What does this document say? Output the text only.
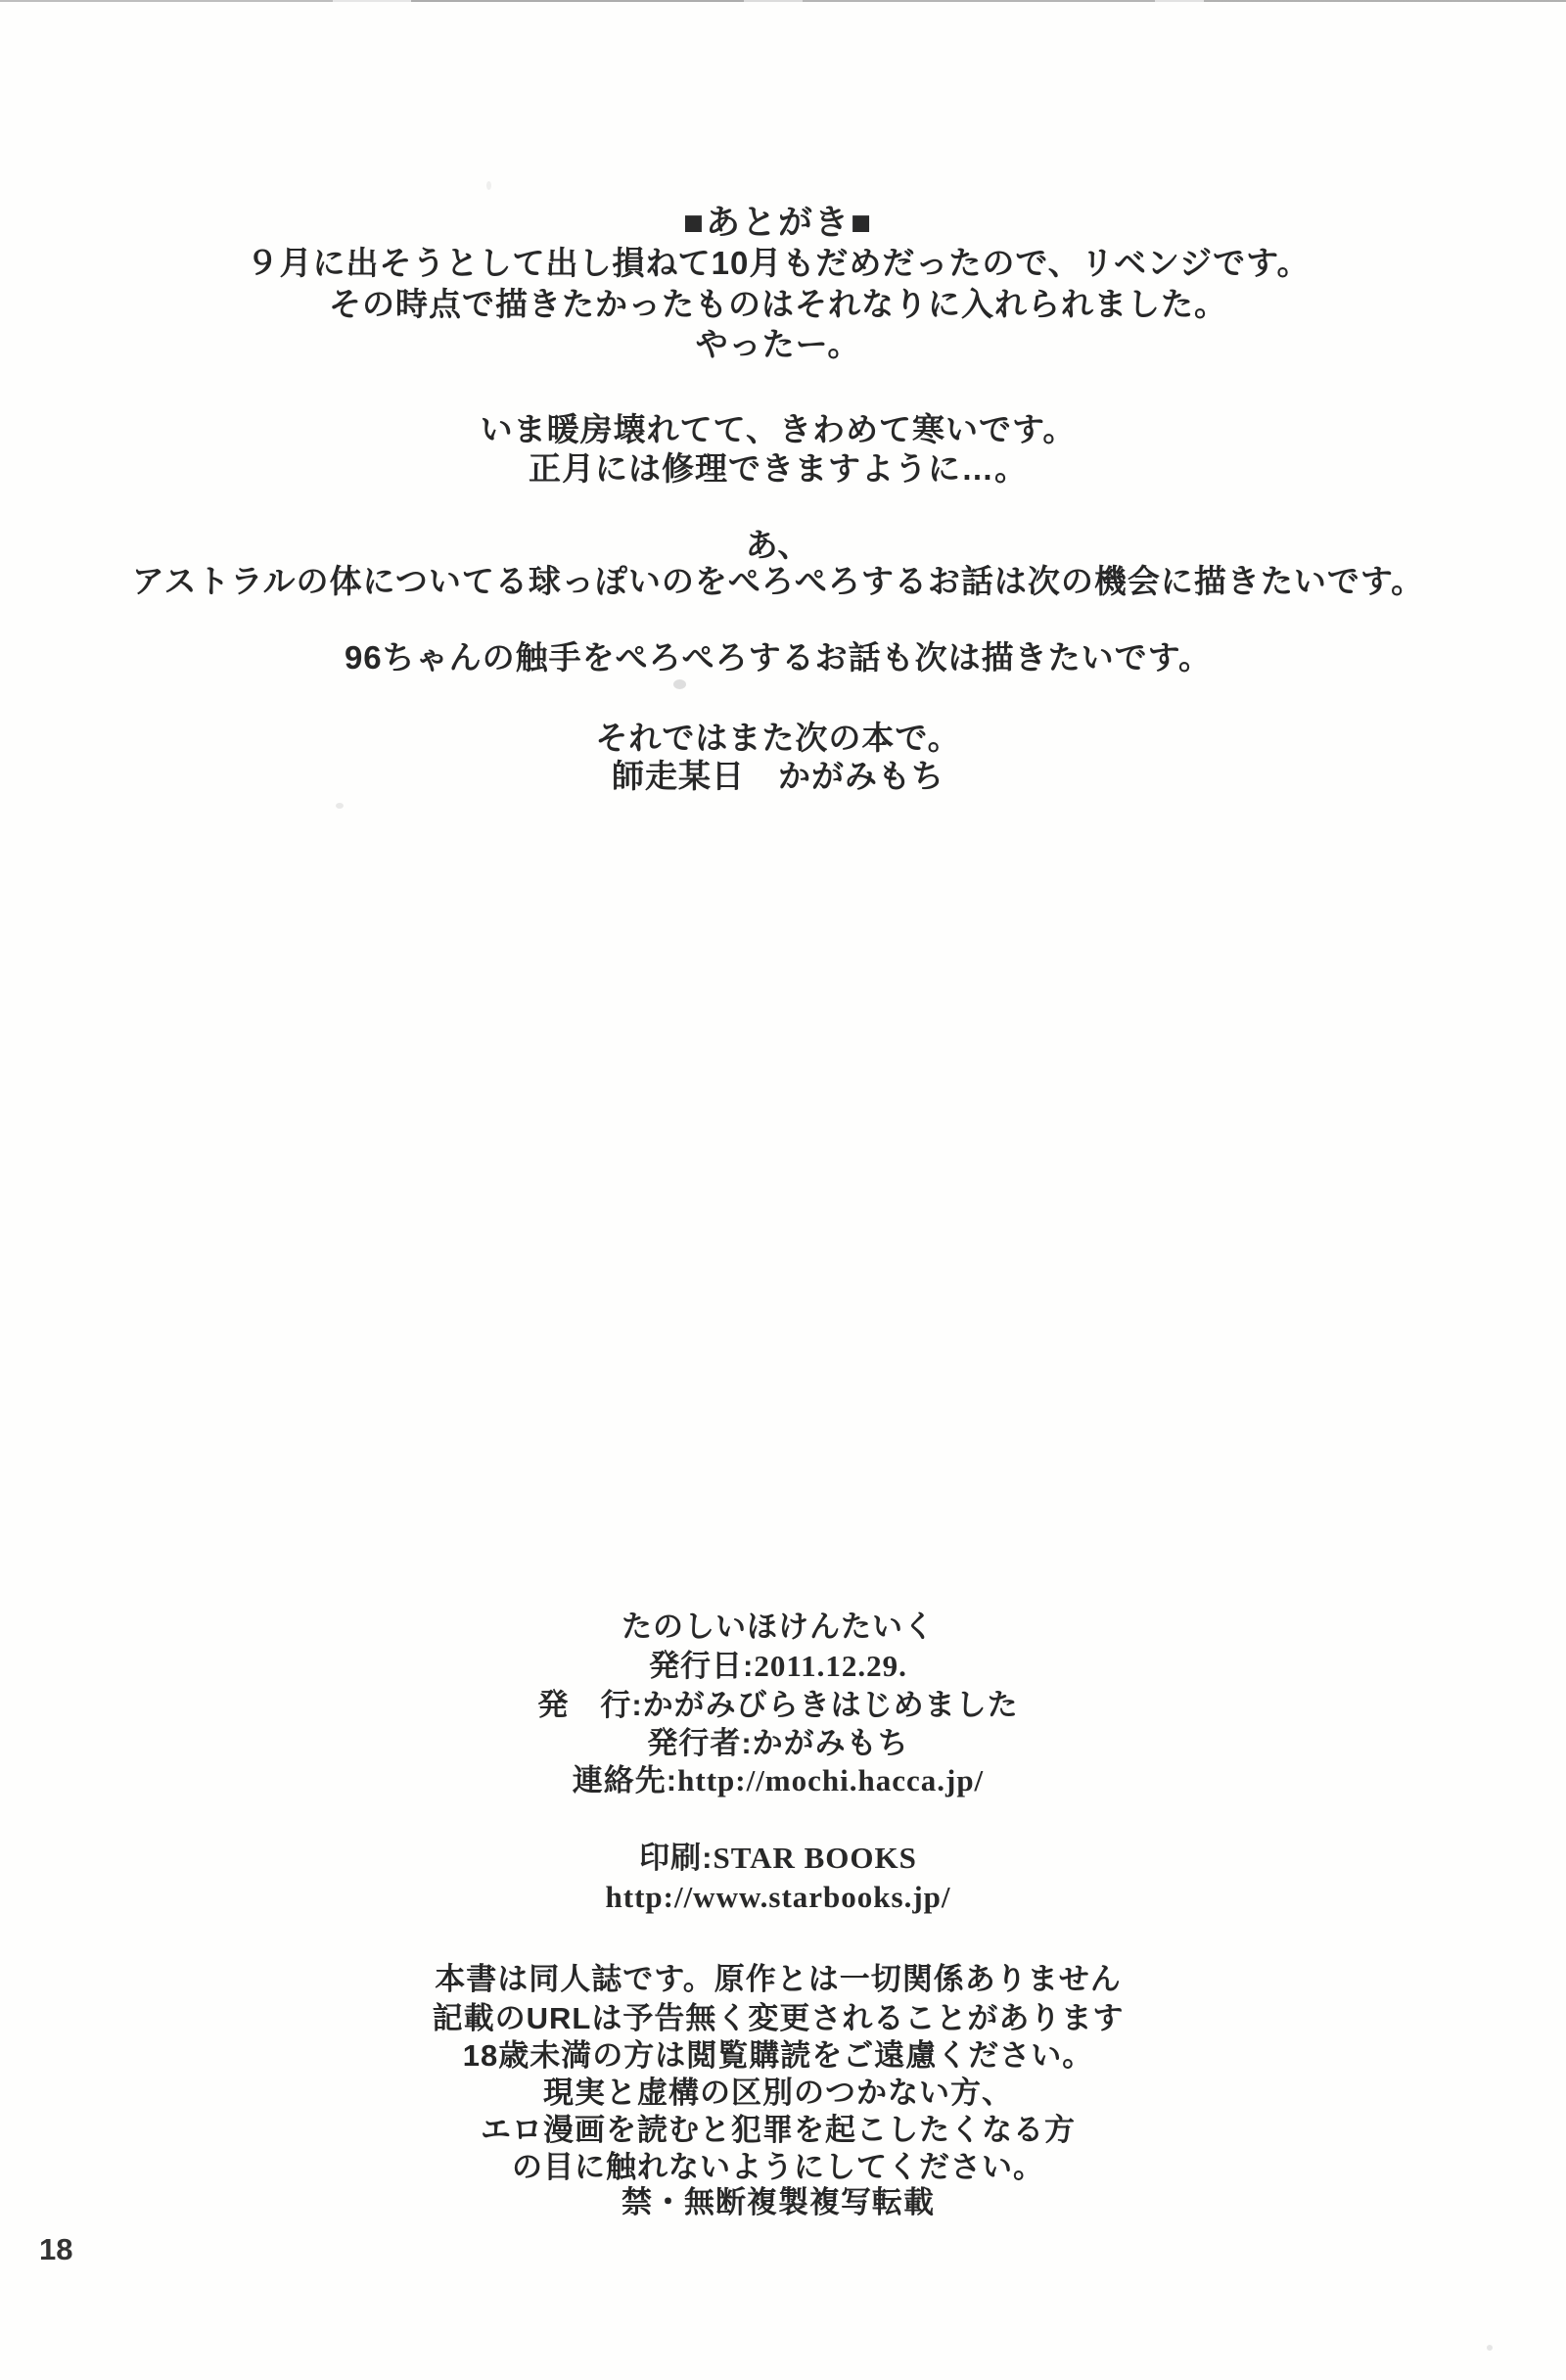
■あとがき■
９月に出そうとして出し損ねて10月もだめだったので、リベンジです。
その時点で描きたかったものはそれなりに入れられました。
やったー。
いま暖房壊れてて、きわめて寒いです。
正月には修理できますように…。
あ、
アストラルの体についてる球っぽいのをぺろぺろするお話は次の機会に描きたいです。
96ちゃんの触手をぺろぺろするお話も次は描きたいです。
それではまた次の本で。
師走某日　かがみもち
たのしいほけんたいく
発行日:2011.12.29.
発　行:かがみびらきはじめました
発行者:かがみもち
連絡先:http://mochi.hacca.jp/
印刷:STAR BOOKS
http://www.starbooks.jp/
本書は同人誌です。原作とは一切関係ありません
記載のURLは予告無く変更されることがあります
18歳未満の方は閲覧購読をご遠慮ください。
現実と虚構の区別のつかない方、
エロ漫画を読むと犯罪を起こしたくなる方
の目に触れないようにしてください。
禁・無断複製複写転載
18
